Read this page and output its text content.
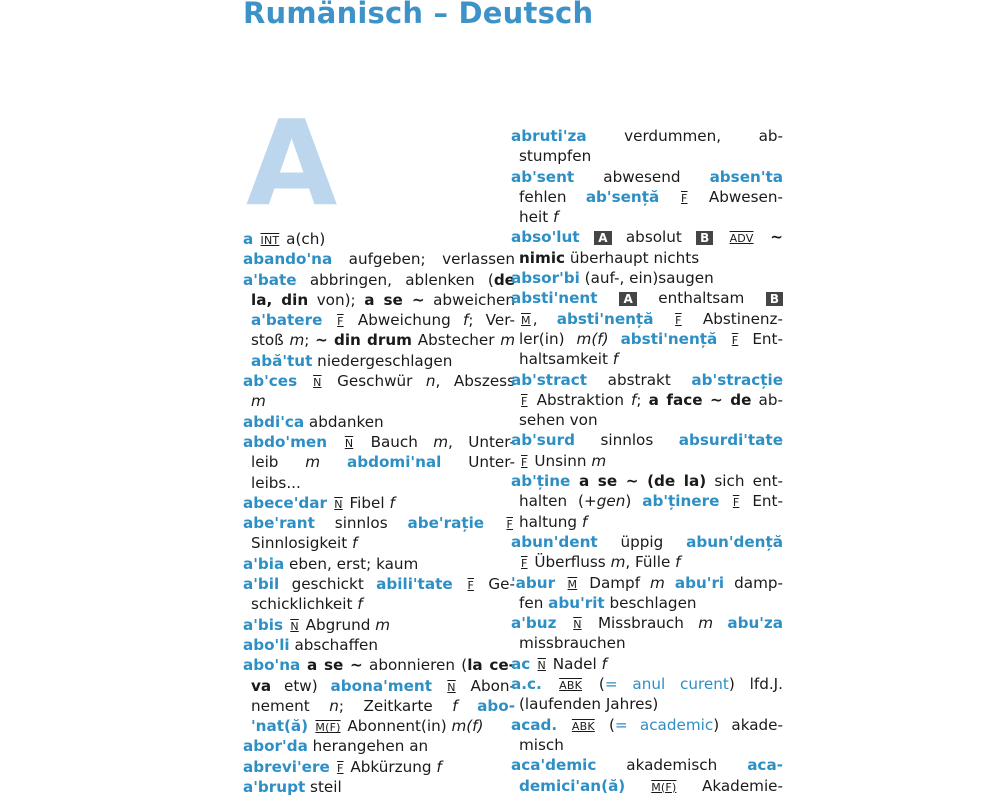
Rumänisch – Deutsch
A
a INT a(ch)
abando'na aufgeben; verlassen
a'bate abbringen, ablenken (de
la, din von); a se ~ abweichen
a'batere F Abweichung f; Ver-
stoß m; ~ din drum Abstecher m
abă'tut niedergeschlagen
ab'ces N Geschwür n, Abszess
m
abdi'ca abdanken
abdo'men N Bauch m, Unter-
leib m abdomi'nal Unter-
leibs...
abece'dar N Fibel f
abe'rant sinnlos abe'rație F
Sinnlosigkeit f
a'bia eben, erst; kaum
a'bil geschickt abili'tate F Ge-
schicklichkeit f
a'bis N Abgrund m
abo'li abschaffen
abo'na a se ~ abonnieren (la ce-
va etw) abona'ment N Abon-
nement n; Zeitkarte f abo-
'nat(ă) M(F) Abonnent(in) m(f)
abor'da herangehen an
abrevi'ere F Abkürzung f
a'brupt steil
abruti'za verdummen, ab-
stumpfen
ab'sent abwesend absen'ta
fehlen ab'sență F Abwesen-
heit f
abso'lut A absolut B ADV ~
nimic überhaupt nichts
absor'bi (auf-, ein)saugen
absti'nent A enthaltsam B
M , absti'nență F Abstinenz-
ler(in) m(f) absti'nență F Ent-
haltsamkeit f
ab'stract abstrakt ab'stracție
F Abstraktion f; a face ~ de ab-
sehen von
ab'surd sinnlos absurdi'tate
F Unsinn m
ab'ține a se ~ (de la) sich ent-
halten (+gen) ab'ținere F Ent-
haltung f
abun'dent üppig abun'dență
F Überfluss m, Fülle f
'abur M Dampf m abu'ri damp-
fen abu'rit beschlagen
a'buz N Missbrauch m abu'za
missbrauchen
ac N Nadel f
a.c. ABK (= anul curent) lfd.J.
(laufenden Jahres)
acad. ABK (= academic) akade-
misch
aca'demic akademisch aca-
demici'an(ă) M(F) Akademie-
